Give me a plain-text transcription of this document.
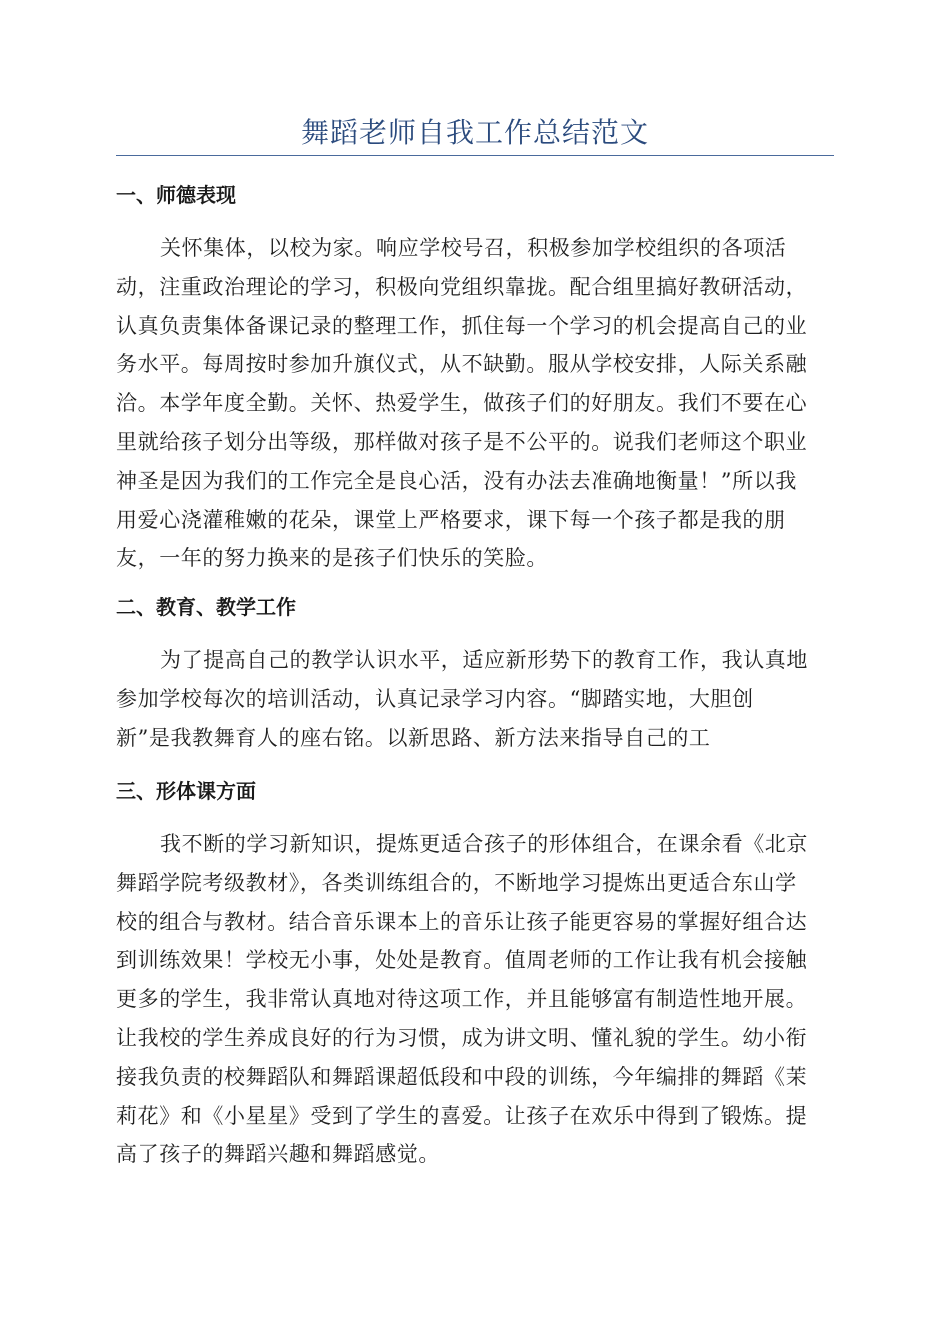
舞蹈老师自我工作总结范文
一、师德表现
关怀集体，以校为家。响应学校号召，积极参加学校组织的各项活
动，注重政治理论的学习，积极向党组织靠拢。配合组里搞好教研活动，
认真负责集体备课记录的整理工作，抓住每一个学习的机会提高自己的业
务水平。每周按时参加升旗仪式，从不缺勤。服从学校安排，人际关系融
洽。本学年度全勤。关怀、热爱学生，做孩子们的好朋友。我们不要在心
里就给孩子划分出等级，那样做对孩子是不公平的。说我们老师这个职业
神圣是因为我们的工作完全是良心活，没有办法去准确地衡量！”所以我
用爱心浇灌稚嫩的花朵，课堂上严格要求，课下每一个孩子都是我的朋
友，一年的努力换来的是孩子们快乐的笑脸。
二、教育、教学工作
为了提高自己的教学认识水平，适应新形势下的教育工作，我认真地
参加学校每次的培训活动，认真记录学习内容。“脚踏实地，大胆创
新”是我教舞育人的座右铭。以新思路、新方法来指导自己的工
三、形体课方面
我不断的学习新知识，提炼更适合孩子的形体组合，在课余看《北京
舞蹈学院考级教材》，各类训练组合的，不断地学习提炼出更适合东山学
校的组合与教材。结合音乐课本上的音乐让孩子能更容易的掌握好组合达
到训练效果！学校无小事，处处是教育。值周老师的工作让我有机会接触
更多的学生，我非常认真地对待这项工作，并且能够富有制造性地开展。
让我校的学生养成良好的行为习惯，成为讲文明、懂礼貌的学生。幼小衔
接我负责的校舞蹈队和舞蹈课超低段和中段的训练，今年编排的舞蹈《茉
莉花》和《小星星》受到了学生的喜爱。让孩子在欢乐中得到了锻炼。提
高了孩子的舞蹈兴趣和舞蹈感觉。
